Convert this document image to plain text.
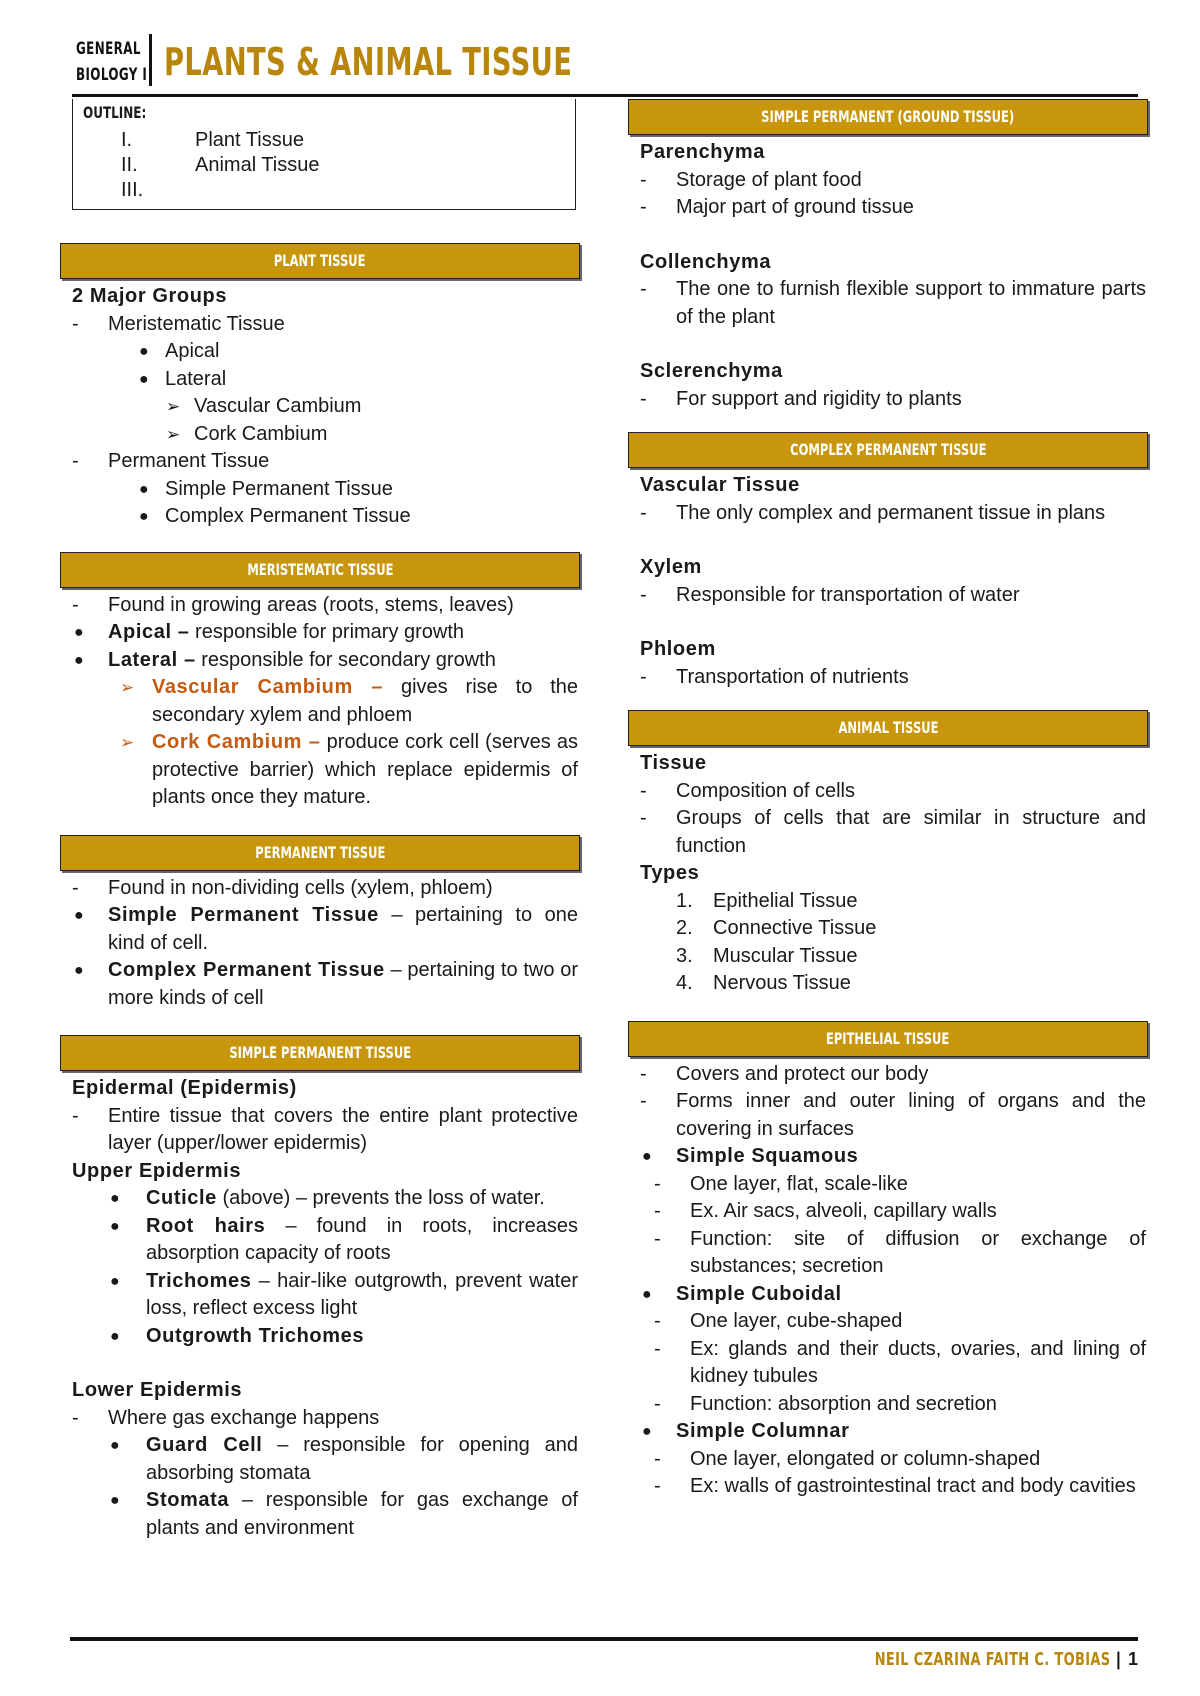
GENERAL
BIOLOGY I PLANTS & ANIMAL TISSUE
OUTLINE:
I.	Plant Tissue
II.	Animal Tissue
III.
PLANT TISSUE
2 Major Groups
- Meristematic Tissue
● Apical
● Lateral
➢ Vascular Cambium
➢ Cork Cambium
- Permanent Tissue
● Simple Permanent Tissue
● Complex Permanent Tissue
MERISTEMATIC TISSUE
- Found in growing areas (roots, stems, leaves)
● Apical – responsible for primary growth
● Lateral – responsible for secondary growth
➢ Vascular Cambium – gives rise to the secondary xylem and phloem
➢ Cork Cambium – produce cork cell (serves as protective barrier) which replace epidermis of plants once they mature.
PERMANENT TISSUE
- Found in non-dividing cells (xylem, phloem)
● Simple Permanent Tissue – pertaining to one kind of cell.
● Complex Permanent Tissue – pertaining to two or more kinds of cell
SIMPLE PERMANENT TISSUE
Epidermal (Epidermis)
- Entire tissue that covers the entire plant protective layer (upper/lower epidermis)
Upper Epidermis
● Cuticle (above) – prevents the loss of water.
● Root hairs – found in roots, increases absorption capacity of roots
● Trichomes – hair-like outgrowth, prevent water loss, reflect excess light
● Outgrowth Trichomes
Lower Epidermis
- Where gas exchange happens
● Guard Cell – responsible for opening and absorbing stomata
● Stomata – responsible for gas exchange of plants and environment
SIMPLE PERMANENT (GROUND TISSUE)
Parenchyma
- Storage of plant food
- Major part of ground tissue
Collenchyma
- The one to furnish flexible support to immature parts of the plant
Sclerenchyma
- For support and rigidity to plants
COMPLEX PERMANENT TISSUE
Vascular Tissue
- The only complex and permanent tissue in plans
Xylem
- Responsible for transportation of water
Phloem
- Transportation of nutrients
ANIMAL TISSUE
Tissue
- Composition of cells
- Groups of cells that are similar in structure and function
Types
1. Epithelial Tissue
2. Connective Tissue
3. Muscular Tissue
4. Nervous Tissue
EPITHELIAL TISSUE
- Covers and protect our body
- Forms inner and outer lining of organs and the covering in surfaces
● Simple Squamous
- One layer, flat, scale-like
- Ex. Air sacs, alveoli, capillary walls
- Function: site of diffusion or exchange of substances; secretion
● Simple Cuboidal
- One layer, cube-shaped
- Ex: glands and their ducts, ovaries, and lining of kidney tubules
- Function: absorption and secretion
● Simple Columnar
- One layer, elongated or column-shaped
- Ex: walls of gastrointestinal tract and body cavities
NEIL CZARINA FAITH C. TOBIAS | 1
